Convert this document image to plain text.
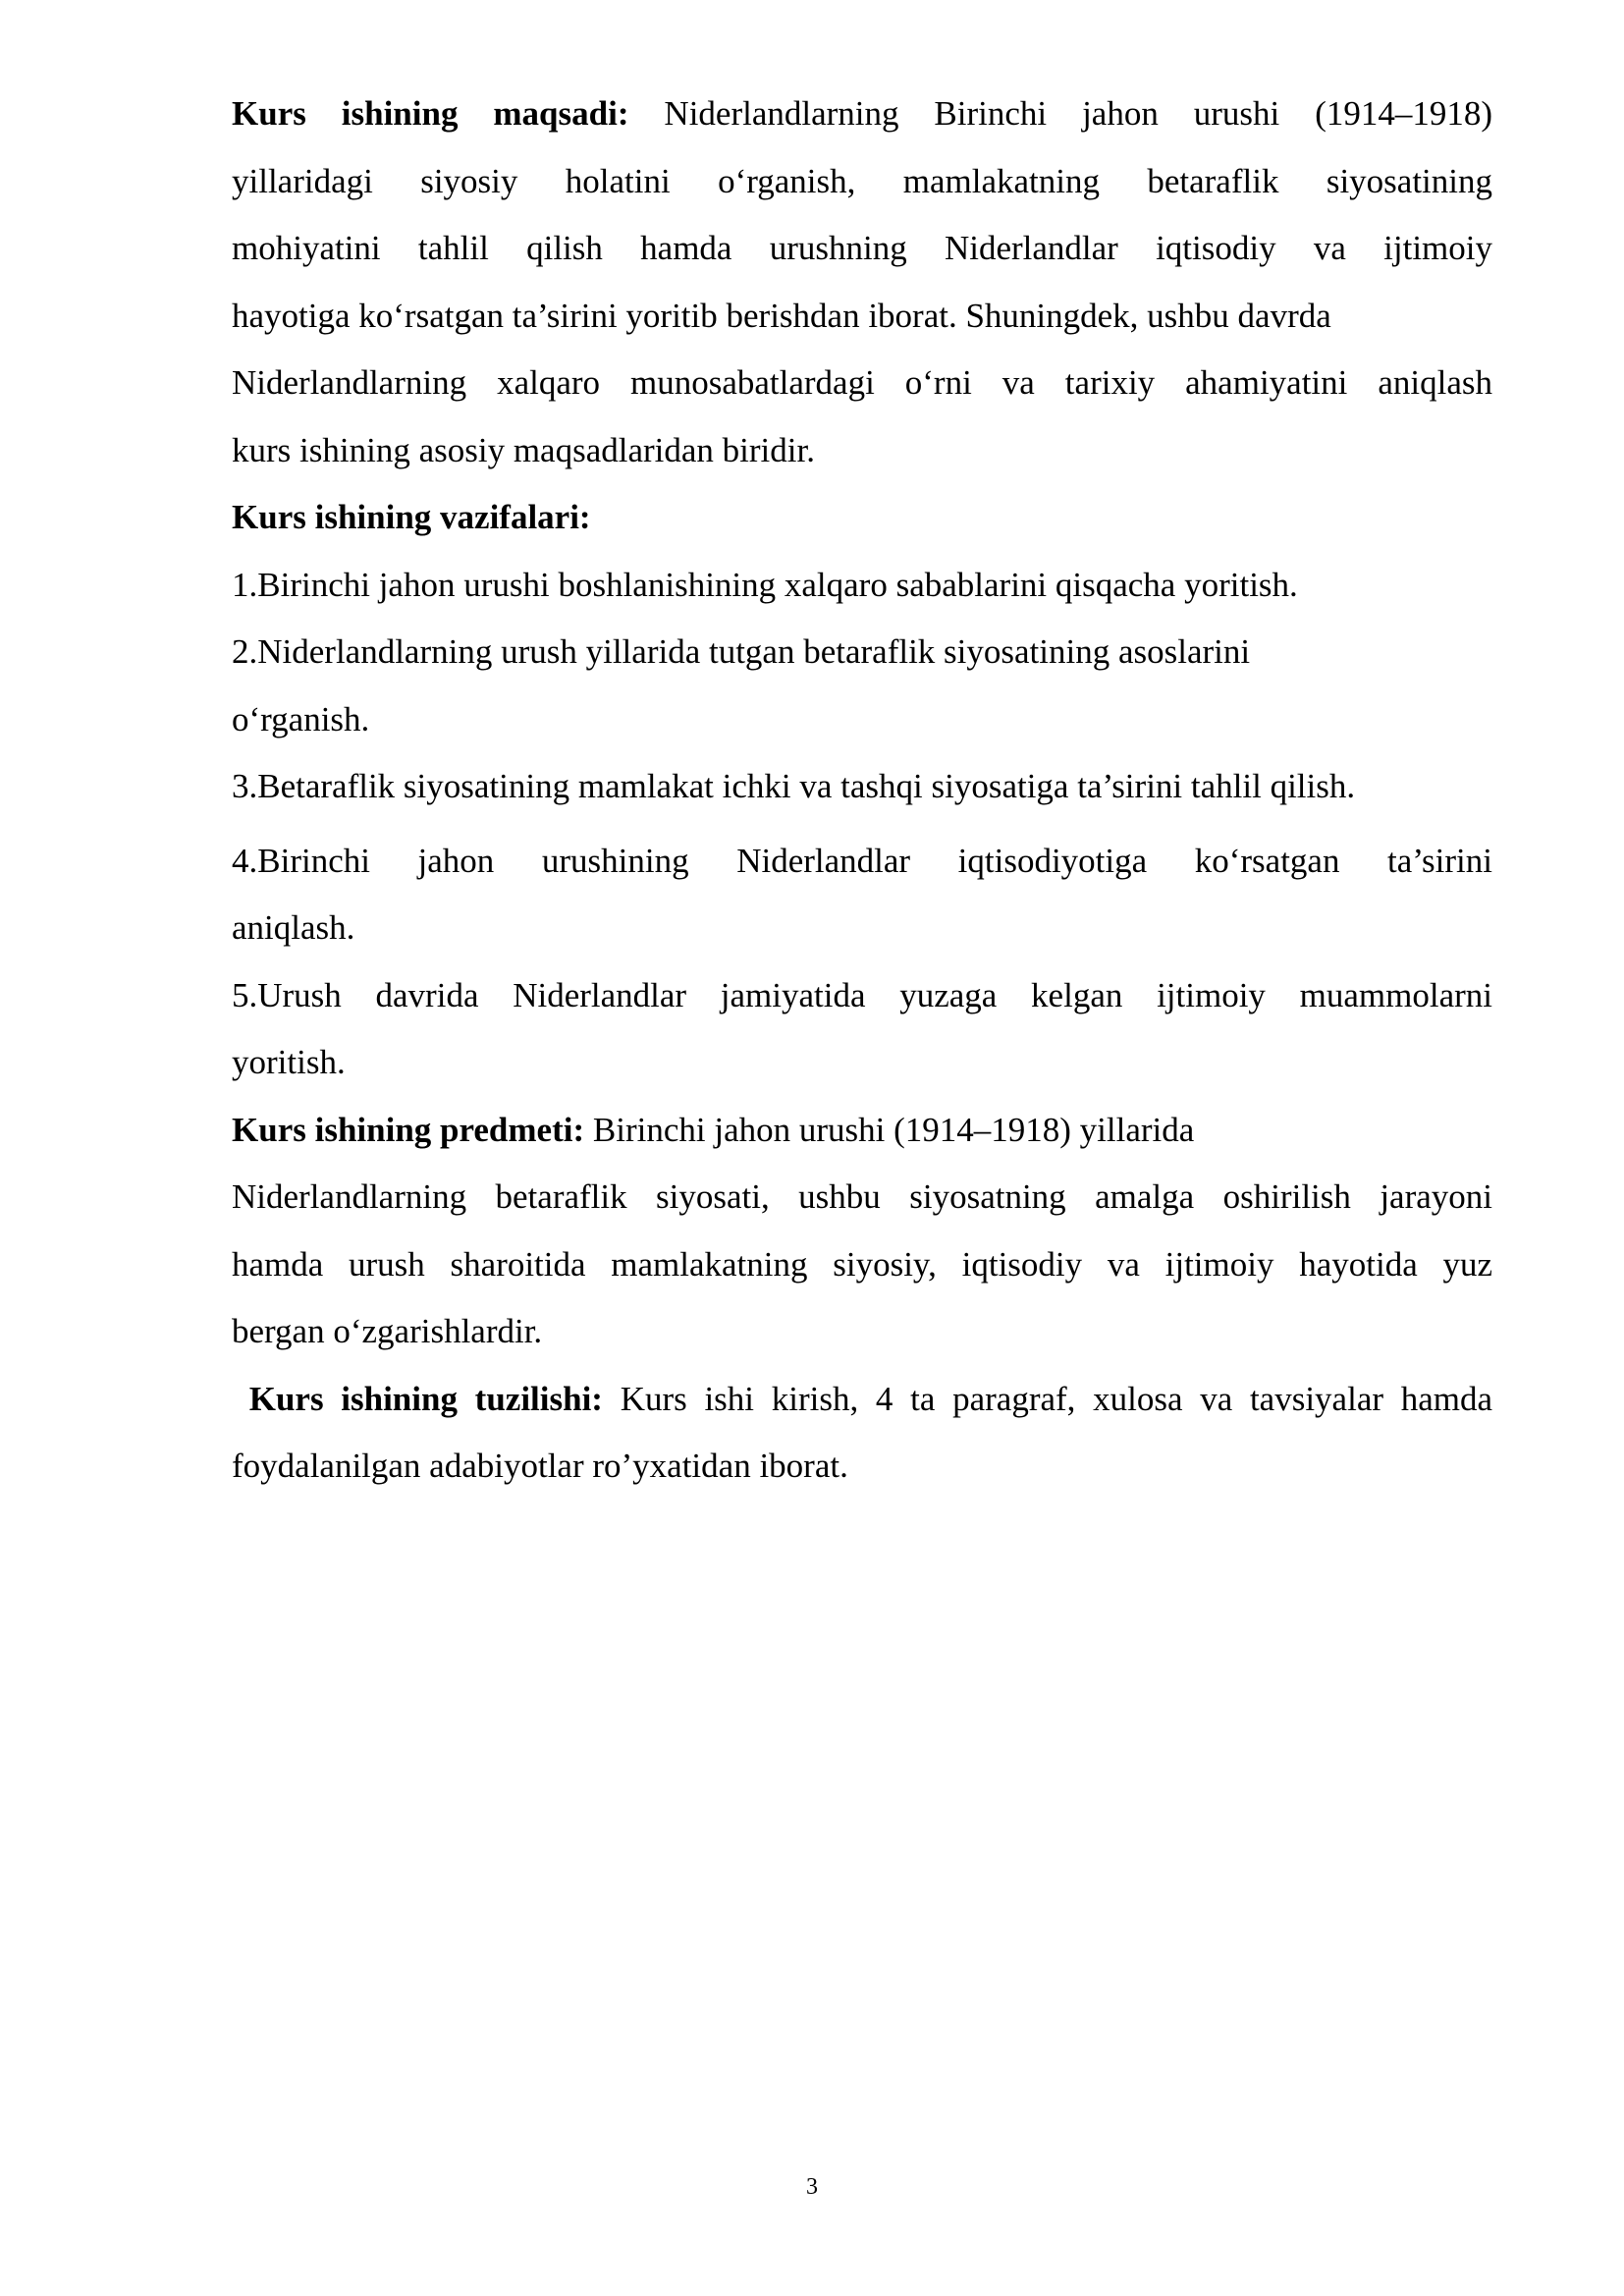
Kurs ishining maqsadi: Niderlandlarning Birinchi jahon urushi (1914–1918)
yillaridagi siyosiy holatini o‘rganish, mamlakatning betaraflik siyosatining
mohiyatini tahlil qilish hamda urushning Niderlandlar iqtisodiy va ijtimoiy
hayotiga ko‘rsatgan ta’sirini yoritib berishdan iborat. Shuningdek, ushbu davrda
Niderlandlarning xalqaro munosabatlardagi o‘rni va tarixiy ahamiyatini aniqlash
kurs ishining asosiy maqsadlaridan biridir.
Kurs ishining vazifalari:
1.Birinchi jahon urushi boshlanishining xalqaro sabablarini qisqacha yoritish.
2.Niderlandlarning urush yillarida tutgan betaraflik siyosatining asoslarini
o‘rganish.
3.Betaraflik siyosatining mamlakat ichki va tashqi siyosatiga ta’sirini tahlil qilish.
4.Birinchi jahon urushining Niderlandlar iqtisodiyotiga ko‘rsatgan ta’sirini
aniqlash.
5.Urush davrida Niderlandlar jamiyatida yuzaga kelgan ijtimoiy muammolarni
yoritish.
Kurs ishining predmeti: Birinchi jahon urushi (1914–1918) yillarida
Niderlandlarning betaraflik siyosati, ushbu siyosatning amalga oshirilish jarayoni
hamda urush sharoitida mamlakatning siyosiy, iqtisodiy va ijtimoiy hayotida yuz
bergan o‘zgarishlardir.
Kurs ishining tuzilishi: Kurs ishi kirish, 4 ta paragraf, xulosa va tavsiyalar hamda
foydalanilgan adabiyotlar ro’yxatidan iborat.
3
